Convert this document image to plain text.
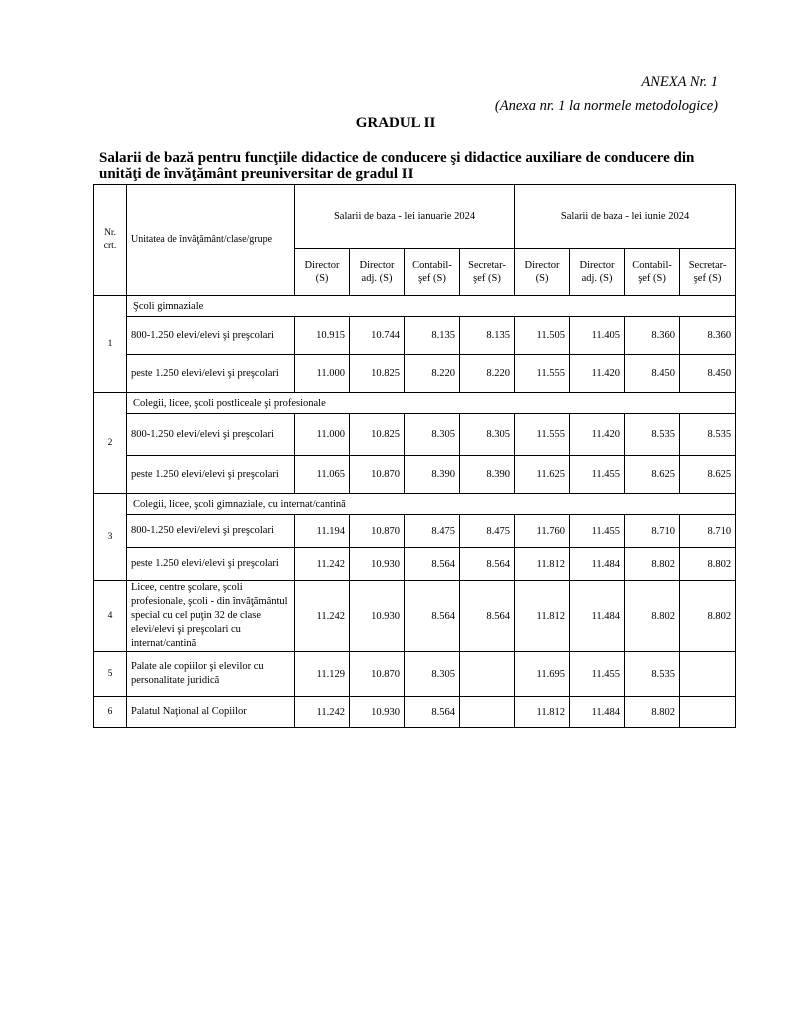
ANEXA Nr. 1
(Anexa nr. 1 la normele metodologice)
GRADUL II
Salarii de bază pentru funcţiile didactice de conducere şi didactice auxiliare de conducere din unităţi de învăţământ preuniversitar de gradul II
Nr. crt.	Unitatea de învăţământ/clase/grupe	Salarii de baza - lei ianuarie 2024				Salarii de baza - lei iunie 2024			
		Director (S)	Director adj. (S)	Contabil-şef (S)	Secretar-şef (S)	Director (S)	Director adj. (S)	Contabil-şef (S)	Secretar-şef (S)
1	Şcoli gimnaziale								
	800-1.250 elevi/elevi şi preşcolari	10.915	10.744	8.135	8.135	11.505	11.405	8.360	8.360
	peste 1.250 elevi/elevi şi preşcolari	11.000	10.825	8.220	8.220	11.555	11.420	8.450	8.450
2	Colegii, licee, şcoli postliceale şi profesionale								
	800-1.250 elevi/elevi şi preşcolari	11.000	10.825	8.305	8.305	11.555	11.420	8.535	8.535
	peste 1.250 elevi/elevi şi preşcolari	11.065	10.870	8.390	8.390	11.625	11.455	8.625	8.625
3	Colegii, licee, şcoli gimnaziale, cu internat/cantină								
	800-1.250 elevi/elevi şi preşcolari	11.194	10.870	8.475	8.475	11.760	11.455	8.710	8.710
	peste 1.250 elevi/elevi şi preşcolari	11.242	10.930	8.564	8.564	11.812	11.484	8.802	8.802
4	Licee, centre şcolare, şcoli profesionale, şcoli - din învăţământul special cu cel puţin 32 de clase elevi/elevi şi preşcolari cu internat/cantină	11.242	10.930	8.564	8.564	11.812	11.484	8.802	8.802
5	Palate ale copiilor şi elevilor cu personalitate juridică	11.129	10.870	8.305		11.695	11.455	8.535	
6	Palatul Naţional al Copiilor	11.242	10.930	8.564		11.812	11.484	8.802	
